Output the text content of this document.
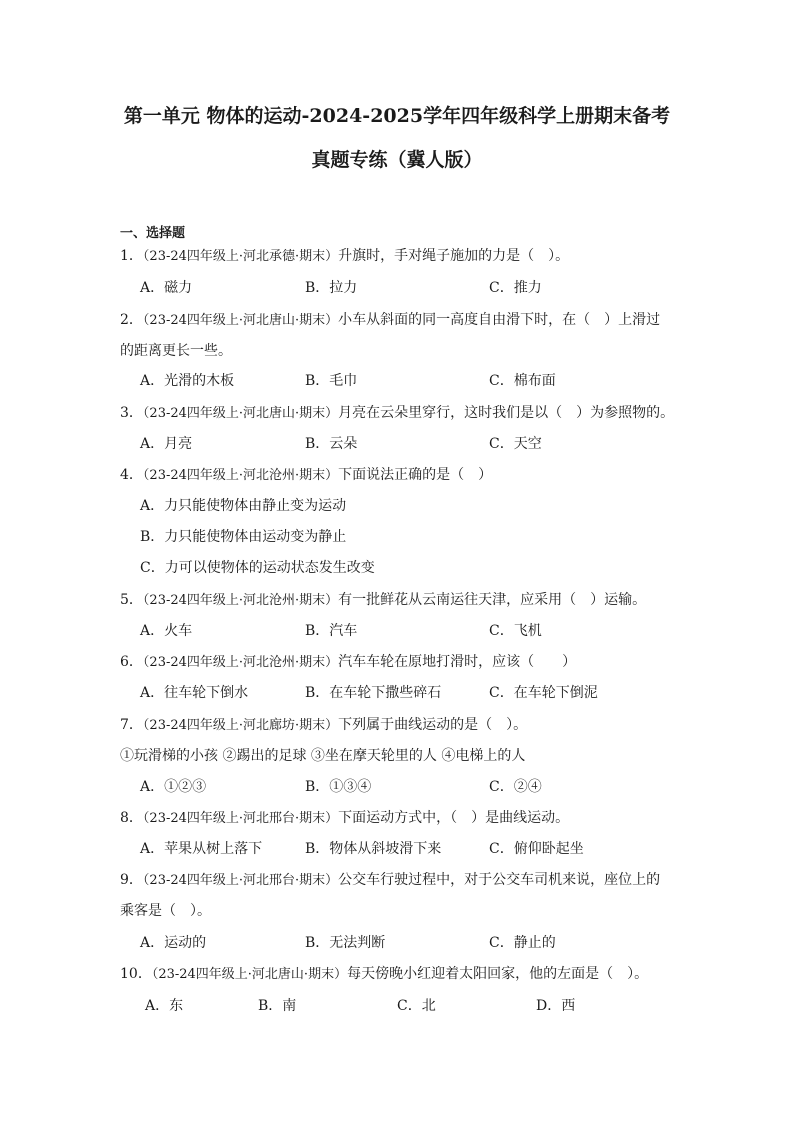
第一单元 物体的运动-2024-2025学年四年级科学上册期末备考
真题专练（冀人版）
一、选择题
1．（23-24四年级上·河北承德·期末）升旗时，手对绳子施加的力是（　）。
A．磁力	B．拉力	C．推力
2．（23-24四年级上·河北唐山·期末）小车从斜面的同一高度自由滑下时，在（　）上滑过
的距离更长一些。
A．光滑的木板	B．毛巾	C．棉布面
3．（23-24四年级上·河北唐山·期末）月亮在云朵里穿行，这时我们是以（　）为参照物的。
A．月亮	B．云朵	C．天空
4．（23-24四年级上·河北沧州·期末）下面说法正确的是（　）
A．力只能使物体由静止变为运动
B．力只能使物体由运动变为静止
C．力可以使物体的运动状态发生改变
5．（23-24四年级上·河北沧州·期末）有一批鲜花从云南运往天津，应采用（　）运输。
A．火车	B．汽车	C．飞机
6．（23-24四年级上·河北沧州·期末）汽车车轮在原地打滑时，应该（　　）
A．往车轮下倒水	B．在车轮下撒些碎石	C．在车轮下倒泥
7．（23-24四年级上·河北廊坊·期末）下列属于曲线运动的是（　）。
①玩滑梯的小孩 ②踢出的足球 ③坐在摩天轮里的人 ④电梯上的人
A．①②③	B．①③④	C．②④
8．（23-24四年级上·河北邢台·期末）下面运动方式中，（　）是曲线运动。
A．苹果从树上落下	B．物体从斜坡滑下来	C．俯仰卧起坐
9．（23-24四年级上·河北邢台·期末）公交车行驶过程中，对于公交车司机来说，座位上的
乘客是（　）。
A．运动的	B．无法判断	C．静止的
10．（23-24四年级上·河北唐山·期末）每天傍晚小红迎着太阳回家，他的左面是（　）。
A．东	B．南	C．北	D．西
